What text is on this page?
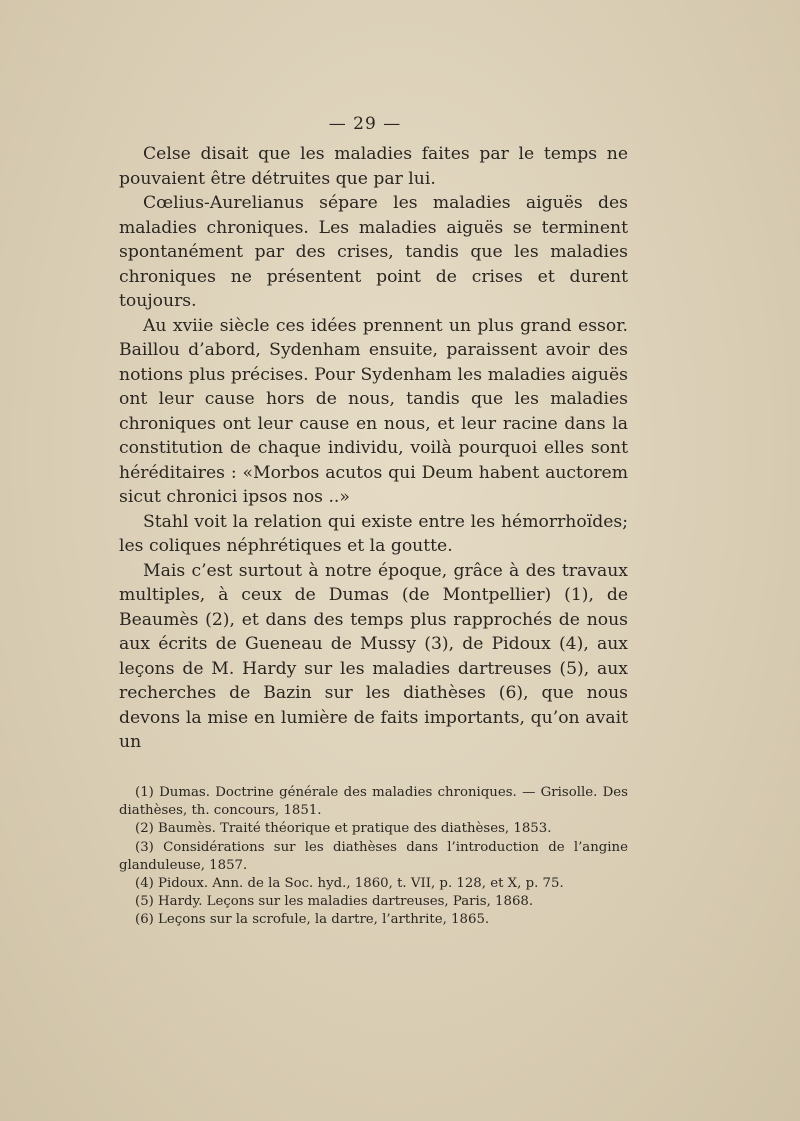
— 29 —

Celse disait que les maladies faites par le temps ne pouvaient être détruites que par lui.

Cœlius-Aurelianus sépare les maladies aiguës des maladies chroniques. Les maladies aiguës se terminent spontanément par des crises, tandis que les maladies chroniques ne présentent point de crises et durent toujours.

Au xviie siècle ces idées prennent un plus grand essor. Baillou d’abord, Sydenham ensuite, paraissent avoir des notions plus précises. Pour Sydenham les maladies aiguës ont leur cause hors de nous, tandis que les maladies chroniques ont leur cause en nous, et leur racine dans la constitution de chaque individu, voilà pourquoi elles sont héréditaires : «Morbos acutos qui Deum habent auctorem sicut chronici ipsos nos ..»

Stahl voit la relation qui existe entre les hémorrhoïdes; les coliques néphrétiques et la goutte.

Mais c’est surtout à notre époque, grâce à des travaux multiples, à ceux de Dumas (de Montpellier) (1), de Beaumès (2), et dans des temps plus rapprochés de nous aux écrits de Gueneau de Mussy (3), de Pidoux (4), aux leçons de M. Hardy sur les maladies dartreuses (5), aux recherches de Bazin sur les diathèses (6), que nous devons la mise en lumière de faits importants, qu’on avait un

(1) Dumas. Doctrine générale des maladies chroniques. — Grisolle. Des diathèses, th. concours, 1851.

(2) Baumès. Traité théorique et pratique des diathèses, 1853.

(3) Considérations sur les diathèses dans l’introduction de l’angine glanduleuse, 1857.

(4) Pidoux. Ann. de la Soc. hyd., 1860, t. VII, p. 128, et X, p. 75.

(5) Hardy. Leçons sur les maladies dartreuses, Paris, 1868.

(6) Leçons sur la scrofule, la dartre, l’arthrite, 1865.
